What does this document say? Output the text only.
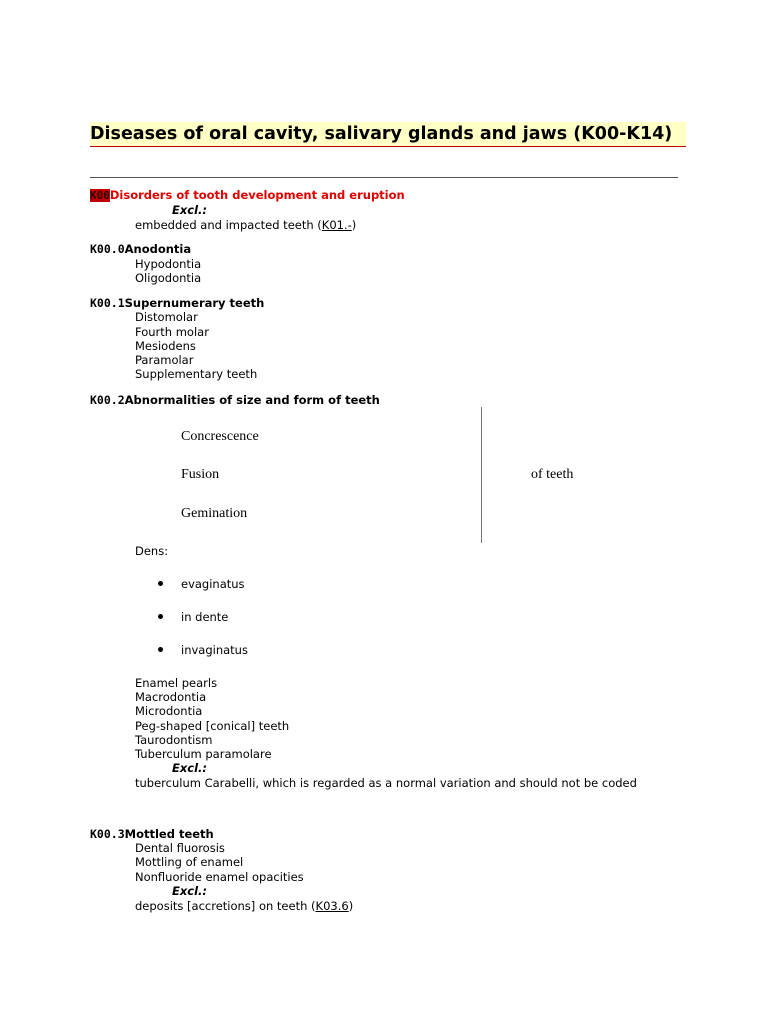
Diseases of oral cavity, salivary glands and jaws (K00-K14)
K00Disorders of tooth development and eruption
Excl.:
embedded and impacted teeth (K01.-)
K00.0Anodontia
Hypodontia
Oligodontia
K00.1Supernumerary teeth
Distomolar
Fourth molar
Mesiodens
Paramolar
Supplementary teeth
K00.2Abnormalities of size and form of teeth
Concrescence
Fusion
Gemination
of teeth
Dens:
evaginatus
in dente
invaginatus
Enamel pearls
Macrodontia
Microdontia
Peg-shaped [conical] teeth
Taurodontism
Tuberculum paramolare
Excl.:
tuberculum Carabelli, which is regarded as a normal variation and should not be coded
K00.3Mottled teeth
Dental fluorosis
Mottling of enamel
Nonfluoride enamel opacities
Excl.:
deposits [accretions] on teeth (K03.6)
